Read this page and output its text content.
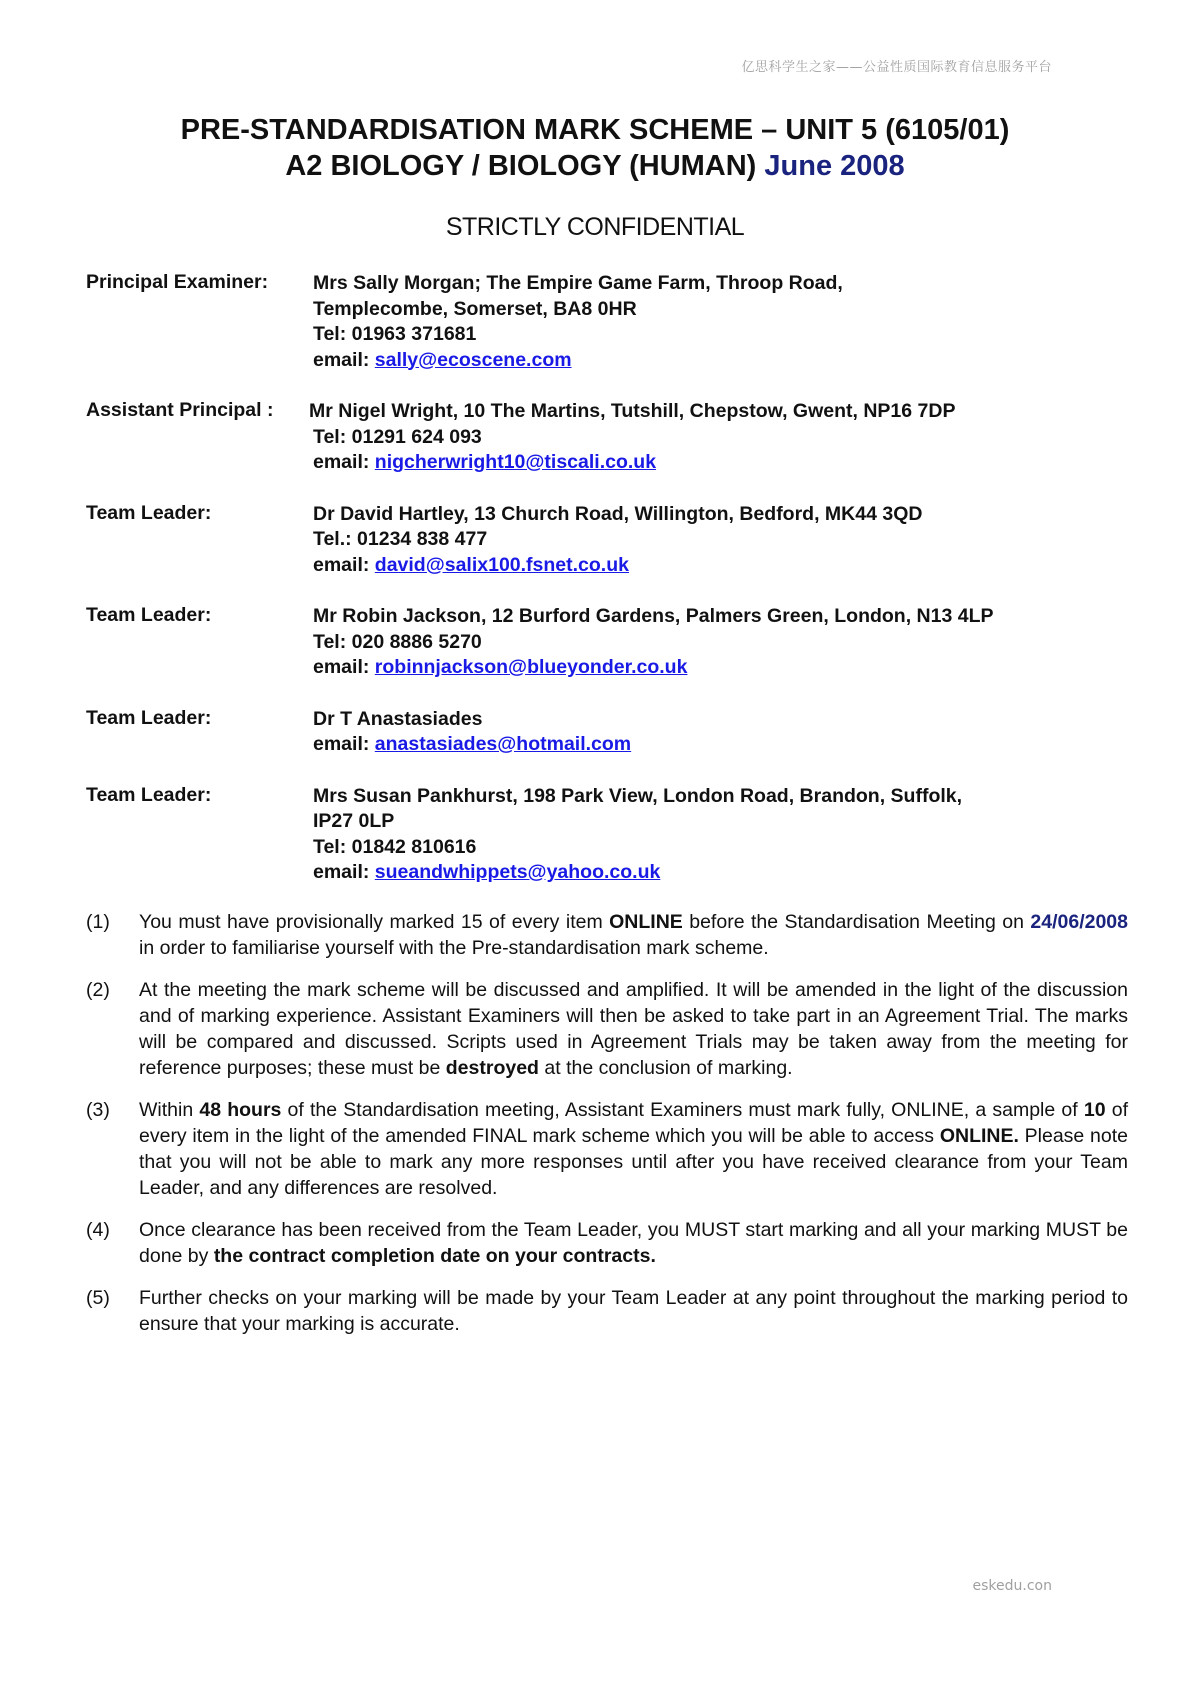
亿思科学生之家——公益性质国际教育信息服务平台
PRE-STANDARDISATION MARK SCHEME – UNIT 5 (6105/01)
A2 BIOLOGY / BIOLOGY (HUMAN) June 2008
STRICTLY CONFIDENTIAL
Principal Examiner: Mrs Sally Morgan; The Empire Game Farm, Throop Road,
Templecombe, Somerset, BA8 0HR
Tel: 01963 371681
email: sally@ecoscene.com
Assistant Principal : Mr Nigel Wright, 10 The Martins, Tutshill, Chepstow, Gwent, NP16 7DP
Tel: 01291 624 093
email: nigcherwright10@tiscali.co.uk
Team Leader:	Dr David Hartley, 13 Church Road, Willington, Bedford, MK44 3QD
Tel.: 01234 838 477
email: david@salix100.fsnet.co.uk
Team Leader:	Mr Robin Jackson, 12 Burford Gardens, Palmers Green, London, N13 4LP
Tel: 020 8886 5270
email: robinnjackson@blueyonder.co.uk
Team Leader:	Dr T Anastasiades
email: anastasiades@hotmail.com
Team Leader:	Mrs Susan Pankhurst, 198 Park View, London Road, Brandon, Suffolk,
IP27 0LP
Tel: 01842 810616
email: sueandwhippets@yahoo.co.uk
(1)	You must have provisionally marked 15 of every item ONLINE before the Standardisation Meeting on 24/06/2008 in order to familiarise yourself with the Pre-standardisation mark scheme.
(2)	At the meeting the mark scheme will be discussed and amplified. It will be amended in the light of the discussion and of marking experience. Assistant Examiners will then be asked to take part in an Agreement Trial. The marks will be compared and discussed. Scripts used in Agreement Trials may be taken away from the meeting for reference purposes; these must be destroyed at the conclusion of marking.
(3)	Within 48 hours of the Standardisation meeting, Assistant Examiners must mark fully, ONLINE, a sample of 10 of every item in the light of the amended FINAL mark scheme which you will be able to access ONLINE. Please note that you will not be able to mark any more responses until after you have received clearance from your Team Leader, and any differences are resolved.
(4)	Once clearance has been received from the Team Leader, you MUST start marking and all your marking MUST be done by the contract completion date on your contracts.
(5)	Further checks on your marking will be made by your Team Leader at any point throughout the marking period to ensure that your marking is accurate.
eskedu.con
